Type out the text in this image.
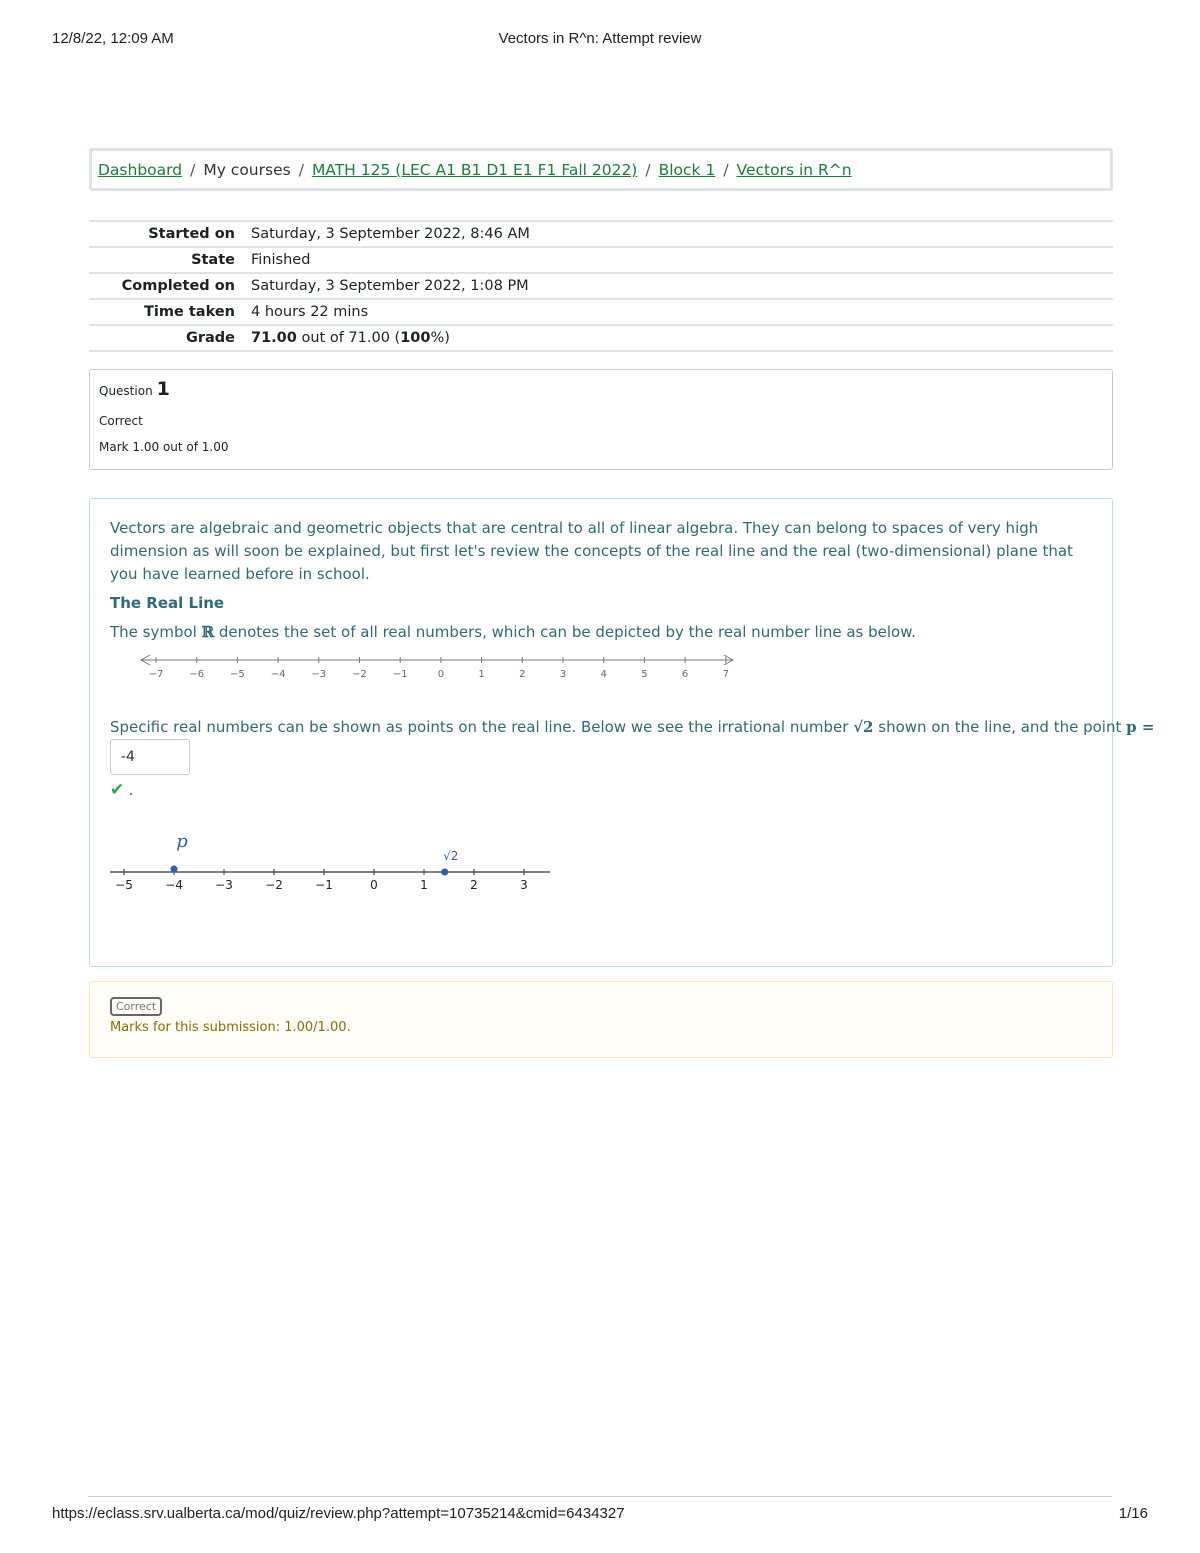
12/8/22, 12:09 AM	Vectors in R^n: Attempt review
Dashboard / My courses / MATH 125 (LEC A1 B1 D1 E1 F1 Fall 2022) / Block 1 / Vectors in R^n
Started on	Saturday, 3 September 2022, 8:46 AM
State	Finished
Completed on	Saturday, 3 September 2022, 1:08 PM
Time taken	4 hours 22 mins
Grade	71.00 out of 71.00 (100%)
Question 1
Correct
Mark 1.00 out of 1.00
Vectors are algebraic and geometric objects that are central to all of linear algebra. They can belong to spaces of very high dimension as will soon be explained, but first let's review the concepts of the real line and the real (two-dimensional) plane that you have learned before in school.
The Real Line
The symbol ℝ denotes the set of all real numbers, which can be depicted by the real number line as below.
−7	−6	−5	−4	−3	−2	−1	0	1	2	3	4	5	6	7
Specific real numbers can be shown as points on the real line. Below we see the irrational number √2 shown on the line, and the point p =
-4
✔ .
−5	−4	−3	−2	−1	0	1	2	3
p
√2
Correct
Marks for this submission: 1.00/1.00.
https://eclass.srv.ualberta.ca/mod/quiz/review.php?attempt=10735214&cmid=6434327	1/16
